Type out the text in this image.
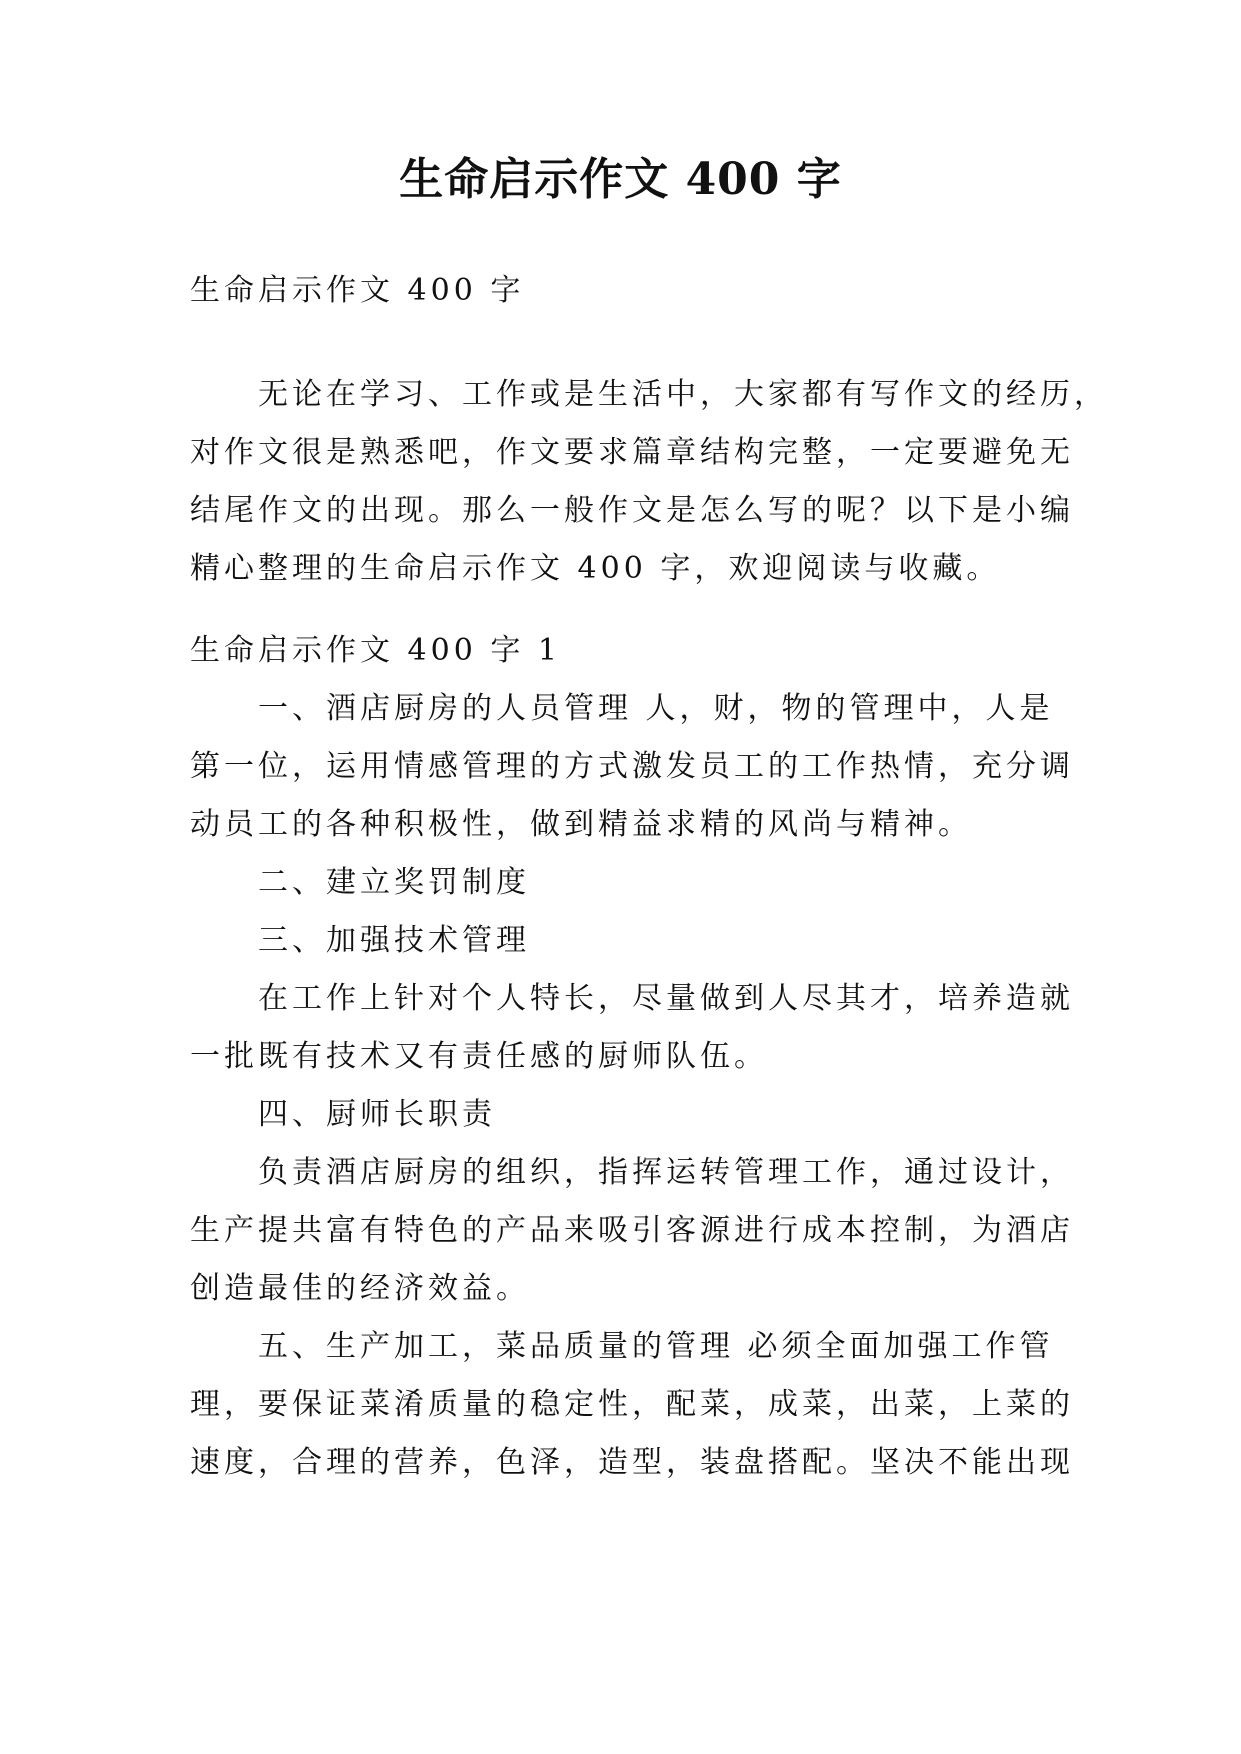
生命启示作文 400 字
生命启示作文 400 字
无论在学习、工作或是生活中，大家都有写作文的经历，
对作文很是熟悉吧，作文要求篇章结构完整，一定要避免无
结尾作文的出现。那么一般作文是怎么写的呢？以下是小编
精心整理的生命启示作文 400 字，欢迎阅读与收藏。
生命启示作文 400 字 1
一、酒店厨房的人员管理 人，财，物的管理中，人是
第一位，运用情感管理的方式激发员工的工作热情，充分调
动员工的各种积极性，做到精益求精的风尚与精神。
二、建立奖罚制度
三、加强技术管理
在工作上针对个人特长，尽量做到人尽其才，培养造就
一批既有技术又有责任感的厨师队伍。
四、厨师长职责
负责酒店厨房的组织，指挥运转管理工作，通过设计，
生产提共富有特色的产品来吸引客源进行成本控制，为酒店
创造最佳的经济效益。
五、生产加工，菜品质量的管理 必须全面加强工作管
理，要保证菜淆质量的稳定性，配菜，成菜，出菜，上菜的
速度，合理的营养，色泽，造型，装盘搭配。坚决不能出现
